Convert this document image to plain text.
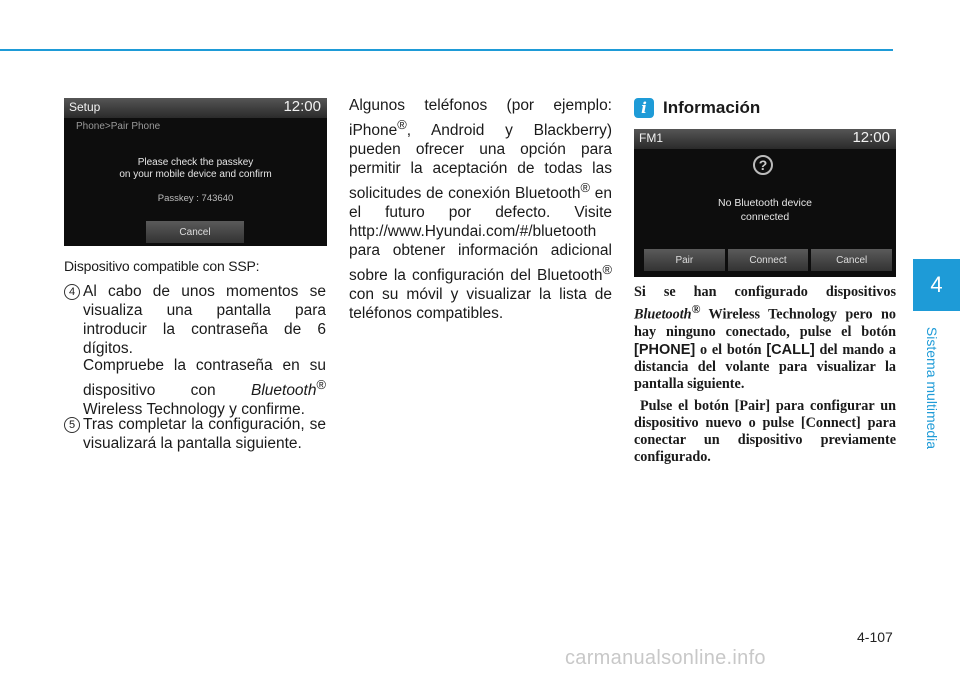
4
Sistema multimedia
Setup	12:00
Phone>Pair Phone
Please check the passkey
on your mobile device and confirm
Passkey : 743640
Cancel
Dispositivo compatible con SSP:
4 Al cabo de unos momentos se visualiza una pantalla para introducir la contraseña de 6 dígitos.
Compruebe la contraseña en su dispositivo con Bluetooth® Wireless Technology y confirme.
5 Tras completar la configuración, se visualizará la pantalla siguiente.
Algunos teléfonos (por ejemplo: iPhone®, Android y Blackberry) pueden ofrecer una opción para permitir la aceptación de todas las solicitudes de conexión Bluetooth® en el futuro por defecto. Visite http://www.Hyundai.com/#/bluetooth para obtener información adicional sobre la configuración del Bluetooth® con su móvil y visualizar la lista de teléfonos compatibles.
i Información
FM1	12:00
?
No Bluetooth device
connected
Pair	Connect	Cancel

Si se han configurado dispositivos Bluetooth® Wireless Technology pero no hay ninguno conectado, pulse el botón [PHONE] o el botón [CALL] del mando a distancia del volante para visualizar la pantalla siguiente.

Pulse el botón [Pair] para configurar un dispositivo nuevo o pulse [Connect] para conectar un dispositivo previamente configurado.

4-107
carmanualsonline.info
